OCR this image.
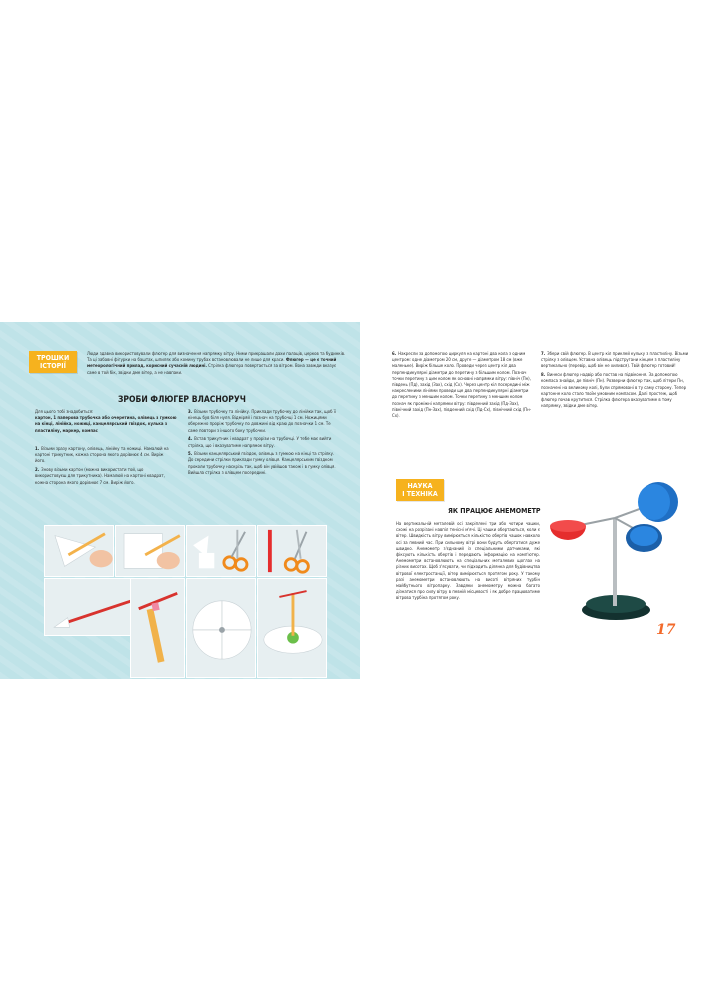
ТРОШКИ
ІСТОРІЇ
Люди здавна використовували флюгер для визначення напрямку вітру. Ними прикрашали дахи палаців, церков та будинків. Та ці забавні фігурки на баштах, шпилях або комину трубах встановлювали не лише для краси. Флюгер — це є точний метеорологічний прилад, корисний сучасній людині. Стрілка флюгера повертається за вітром. Вона завжди вказує саме в той бік, звідки дме вітер, а не навпаки.
ЗРОБИ ФЛЮГЕР ВЛАСНОРУЧ
Для цього тобі знадобиться:
картон, 1 паперова трубочка або очеретина, олівець з гумкою на кінці, лінійка, ножиці, канцелярський гвіздок, кулька з пластиліну, маркер, компас
1. Візьми зразу картону, олівець, лінійку та ножиці. Намалюй на картоні трикутник, кожна сторона якого дорівнює 4 см. Виріж його.
2. Знову візьми картон (можна використати той, що використовуєш для трикутника). Намалюй на картоні квадрат, кожна сторона якого дорівнює 7 см. Виріж його.
3. Візьми трубочку та лінійку. Приклади трубочку до лінійки так, щоб її кінець був біля нуля. Відміряй і познач на трубочці 1 см. Ножицями обережно проріж трубочку по довжині від краю до позначки 1 см. Те саме повтори з іншого боку трубочки.
4. Встав трикутник і квадрат у прорізи на трубочці. У тебе має вийти стрілка, що і вказуватиме напрямок вітру.
5. Візьми канцелярський гвіздок, олівець з гумкою на кінці та стрілку. До середини стрілки приклади гумку олівця. Канцелярським гвіздком проколи трубочку наскрізь так, щоб він увійшов також і в гумку олівця. Вийшла стрілка з олівцем посередині.
6. Накресли за допомогою циркуля на картоні два кола з одним центром: одне діаметром 20 см, друге — діаметром 18 см (вже маленьке). Виріж більше коло. Проведи через центр кіл два перпендикулярні діаметри до перетину з більшим колом. Познач точки перетину з цим колом як основні напрямки вітру: північ (Пн), південь (Пд), захід (Зах), схід (Сх). Через центр кіл посередині між накресленими лініями проведи ще два перпендикулярні діаметри до перетину з меншим колом. Точки перетину з меншим колом познач як проміжні напрямки вітру: південний захід (Пд-Зах), північний захід (Пн-Зах), південний схід (Пд-Сх), північний схід (Пн-Сх).
7. Збери свій флюгер. В центр кіл приклей кульку з пластиліну. Візьми стрілку з олівцем. Уставна олівець підстругани кінцем з пластиліну вертикально (перевір, щоб він не хилився). Твій флюгер готовий!
8. Винеси флюгер надвір або постав на підвіконня. За допомогою компаса знайди, де північ (Пн). Розверни флюгер так, щоб літери Пн, позначені на великому колі, були спрямовані в ту саму сторону. Тепер картонне коло стало твоїм умовним компасом. Далі простеж, щоб флюгер почав крутитися. Стрілка флюгера вказуватиме в тому напрямку, звідки дме вітер.
НАУКА
І ТЕХНІКА
ЯК ПРАЦЮЄ АНЕМОМЕТР
На вертикальній металевій осі закріплені три або чотири чашки, схожі на розрізані навпіл тенісні м'ячі. Ці чашки обертаються, коли є вітер. Швидкість вітру вимірюється кількістю обертів чашок навколо осі за певний час. При сильному вітрі вони будуть обертатися дуже швидко. Анемометр з'єднаний із спеціальними датчиками, які фіксують кількість обертів і передають інформацію на комп'ютер. Анемометри встановлюють на спеціальних металевих щоглах на різних висотах. Щоб з'ясувати, чи підходить ділянка для будівництва вітрової електростанції, вітер вимірюється протягом року. У такому разі анемометри встановлюють на висоті вітряних турбін майбутнього вітропарку. Завдяки анемометру можна багато дізнатися про силу вітру в певній місцевості і як добре працюватиме вітрова турбіна протягом року.
17
